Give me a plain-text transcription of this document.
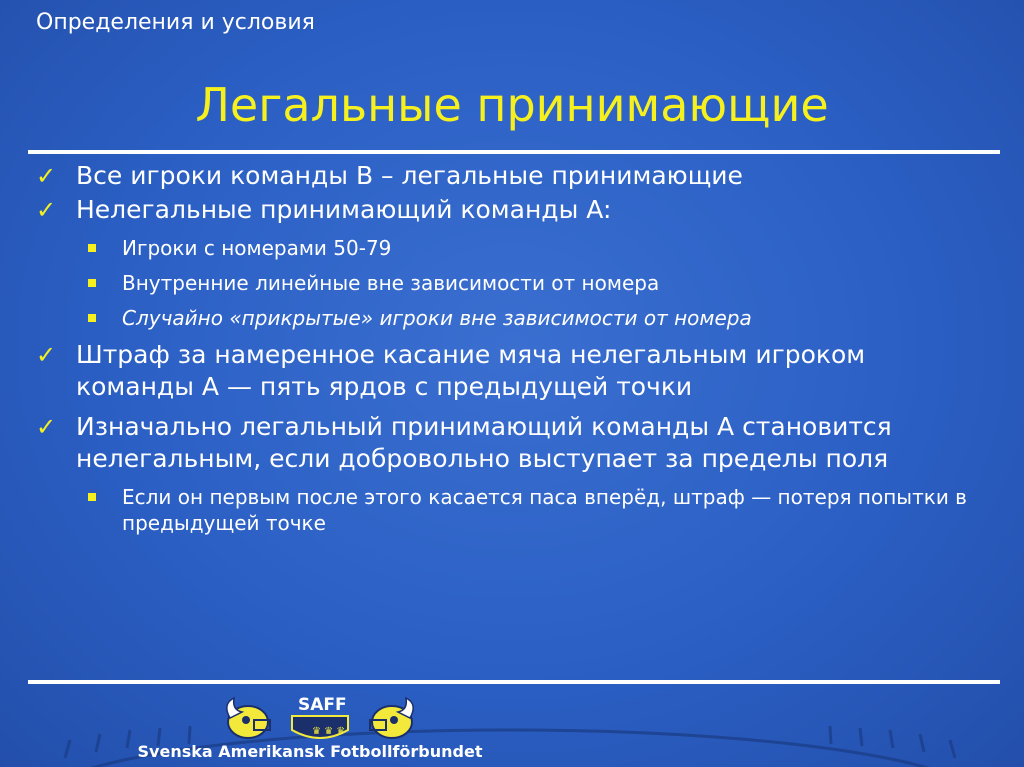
Определения и условия
Легальные принимающие
✓ Все игроки команды B – легальные принимающие
✓ Нелегальные принимающий команды A:
Игроки с номерами 50-79
Внутренние линейные вне зависимости от номера
Случайно «прикрытые» игроки вне зависимости от номера
✓ Штраф за намеренное касание мяча нелегальным игроком команды A — пять ярдов с предыдущей точки
✓ Изначально легальный принимающий команды A становится нелегальным, если добровольно выступает за пределы поля
Если он первым после этого касается паса вперёд, штраф — потеря попытки в предыдущей точке
♛ ♛ ♛
SAFF
Svenska Amerikansk Fotbollförbundet
